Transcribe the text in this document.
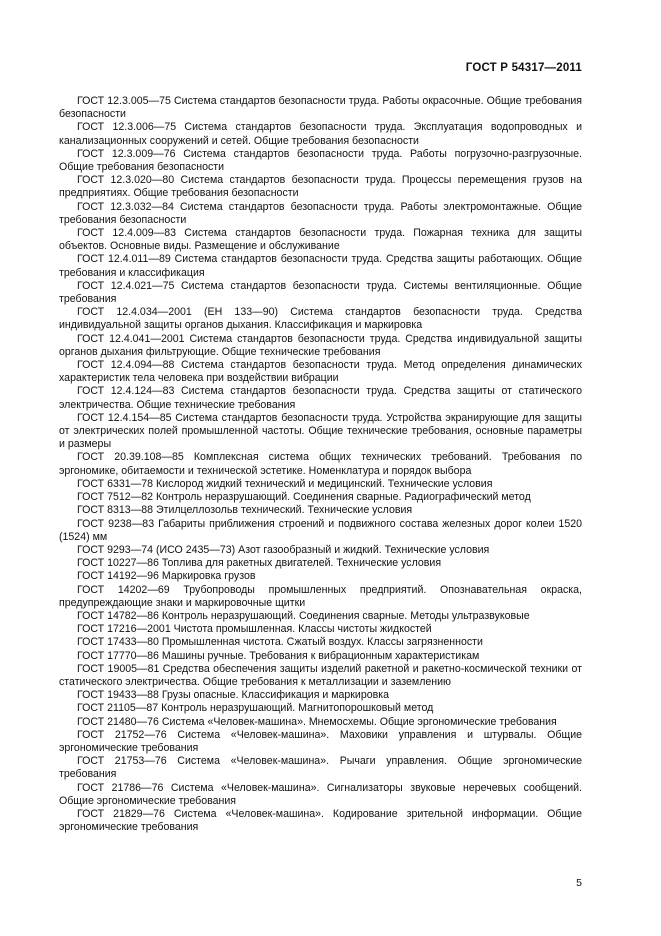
ГОСТ Р 54317—2011

ГОСТ 12.3.005—75 Система стандартов безопасности труда. Работы окрасочные. Общие требования безопасности

ГОСТ 12.3.006—75 Система стандартов безопасности труда. Эксплуатация водопроводных и канализационных сооружений и сетей. Общие требования безопасности

ГОСТ 12.3.009—76 Система стандартов безопасности труда. Работы погрузочно-разгрузочные. Общие требования безопасности

ГОСТ 12.3.020—80 Система стандартов безопасности труда. Процессы перемещения грузов на предприятиях. Общие требования безопасности

ГОСТ 12.3.032—84 Система стандартов безопасности труда. Работы электромонтажные. Общие требования безопасности

ГОСТ 12.4.009—83 Система стандартов безопасности труда. Пожарная техника для защиты объектов. Основные виды. Размещение и обслуживание

ГОСТ 12.4.011—89 Система стандартов безопасности труда. Средства защиты работающих. Общие требования и классификация

ГОСТ 12.4.021—75 Система стандартов безопасности труда. Системы вентиляционные. Общие требования

ГОСТ 12.4.034—2001 (ЕН 133—90) Система стандартов безопасности труда. Средства индивидуальной защиты органов дыхания. Классификация и маркировка

ГОСТ 12.4.041—2001 Система стандартов безопасности труда. Средства индивидуальной защиты органов дыхания фильтрующие. Общие технические требования

ГОСТ 12.4.094—88 Система стандартов безопасности труда. Метод определения динамических характеристик тела человека при воздействии вибрации

ГОСТ 12.4.124—83 Система стандартов безопасности труда. Средства защиты от статического электричества. Общие технические требования

ГОСТ 12.4.154—85 Система стандартов безопасности труда. Устройства экранирующие для защиты от электрических полей промышленной частоты. Общие технические требования, основные параметры и размеры

ГОСТ 20.39.108—85 Комплексная система общих технических требований. Требования по эргономике, обитаемости и технической эстетике. Номенклатура и порядок выбора

ГОСТ 6331—78 Кислород жидкий технический и медицинский. Технические условия

ГОСТ 7512—82 Контроль неразрушающий. Соединения сварные. Радиографический метод

ГОСТ 8313—88 Этилцеллозольв технический. Технические условия

ГОСТ 9238—83 Габариты приближения строений и подвижного состава железных дорог колеи 1520 (1524) мм

ГОСТ 9293—74 (ИСО 2435—73) Азот газообразный и жидкий. Технические условия

ГОСТ 10227—86 Топлива для ракетных двигателей. Технические условия

ГОСТ 14192—96 Маркировка грузов

ГОСТ 14202—69 Трубопроводы промышленных предприятий. Опознавательная окраска, предупреждающие знаки и маркировочные щитки

ГОСТ 14782—86 Контроль неразрушающий. Соединения сварные. Методы ультразвуковые

ГОСТ 17216—2001 Чистота промышленная. Классы чистоты жидкостей

ГОСТ 17433—80 Промышленная чистота. Сжатый воздух. Классы загрязненности

ГОСТ 17770—86 Машины ручные. Требования к вибрационным характеристикам

ГОСТ 19005—81 Средства обеспечения защиты изделий ракетной и ракетно-космической техники от статического электричества. Общие требования к металлизации и заземлению

ГОСТ 19433—88 Грузы опасные. Классификация и маркировка

ГОСТ 21105—87 Контроль неразрушающий. Магнитопорошковый метод

ГОСТ 21480—76 Система «Человек-машина». Мнемосхемы. Общие эргономические требования

ГОСТ 21752—76 Система «Человек-машина». Маховики управления и штурвалы. Общие эргономические требования

ГОСТ 21753—76 Система «Человек-машина». Рычаги управления. Общие эргономические требования

ГОСТ 21786—76 Система «Человек-машина». Сигнализаторы звуковые неречевых сообщений. Общие эргономические требования

ГОСТ 21829—76 Система «Человек-машина». Кодирование зрительной информации. Общие эргономические требования

5
